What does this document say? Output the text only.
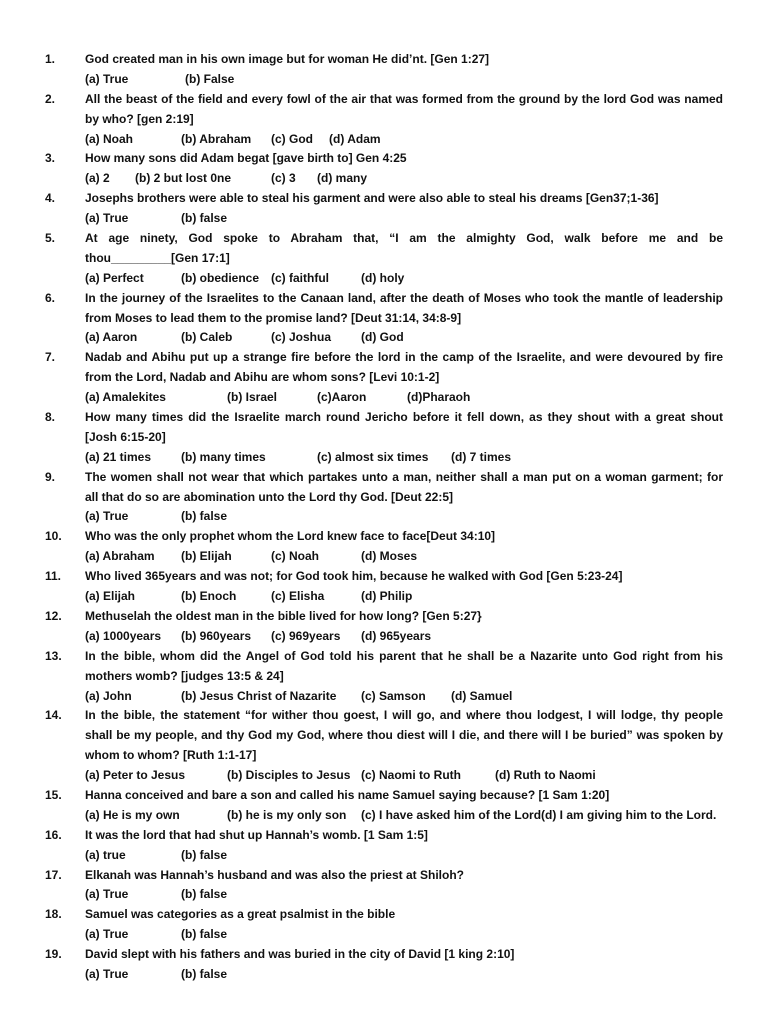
1.	God created man in his own image but for woman He did’nt. [Gen 1:27]
(a) True	(b) False
2.	All the beast of the field and every fowl of the air that was formed from the ground by the lord God was named
by who? [gen 2:19]
(a) Noah	(b) Abraham (c) God (d) Adam
3.	How many sons did Adam begat [gave birth to] Gen 4:25
(a) 2 (b) 2 but lost 0ne	(c) 3 (d) many
4.	Josephs brothers were able to steal his garment and were also able to steal his dreams [Gen37;1-36]
(a) True	(b) false
5.	At age ninety, God spoke to Abraham that, “I am the almighty God, walk before me and be
thou_________[Gen 17:1]
(a) Perfect	(b) obedience (c) faithful	(d) holy
6.	In the journey of the Israelites to the Canaan land, after the death of Moses who took the mantle of leadership
from Moses to lead them to the promise land? [Deut 31:14, 34:8-9]
(a) Aaron	(b) Caleb	(c) Joshua (d) God
7.	Nadab and Abihu put up a strange fire before the lord in the camp of the Israelite, and were devoured by fire
from the Lord, Nadab and Abihu are whom sons? [Levi 10:1-2]
(a) Amalekites	(b) Israel	(c)Aaron	(d)Pharaoh
8.	How many times did the Israelite march round Jericho before it fell down, as they shout with a great shout
[Josh 6:15-20]
(a) 21 times (b) many times	(c) almost six times (d) 7 times
9.	The women shall not wear that which partakes unto a man, neither shall a man put on a woman garment; for
all that do so are abomination unto the Lord thy God. [Deut 22:5]
(a) True	(b) false
10.	Who was the only prophet whom the Lord knew face to face[Deut 34:10]
(a) Abraham (b) Elijah	(c) Noah	(d) Moses
11.	Who lived 365years and was not; for God took him, because he walked with God [Gen 5:23-24]
(a) Elijah	(b) Enoch	(c) Elisha	(d) Philip
12.	Methuselah the oldest man in the bible lived for how long? [Gen 5:27}
(a) 1000years (b) 960years (c) 969years (d) 965years
13.	In the bible, whom did the Angel of God told his parent that he shall be a Nazarite unto God right from his
mothers womb? [judges 13:5 & 24]
(a) John	(b) Jesus Christ of Nazarite (c) Samson (d) Samuel
14.	In the bible, the statement “for wither thou goest, I will go, and where thou lodgest, I will lodge, thy people
shall be my people, and thy God my God, where thou diest will I die, and there will I be buried” was spoken by
whom to whom? [Ruth 1:1-17]
(a) Peter to Jesus	(b) Disciples to Jesus (c) Naomi to Ruth	(d) Ruth to Naomi
15.	Hanna conceived and bare a son and called his name Samuel saying because? [1 Sam 1:20]
(a) He is my own	(b) he is my only son (c) I have asked him of the Lord (d) I am giving him to the Lord.
16.	It was the lord that had shut up Hannah’s womb. [1 Sam 1:5]
(a) true	(b) false
17.	Elkanah was Hannah’s husband and was also the priest at Shiloh?
(a) True	(b) false
18.	Samuel was categories as a great psalmist in the bible
(a) True	(b) false
19.	David slept with his fathers and was buried in the city of David [1 king 2:10]
(a) True	(b) false
